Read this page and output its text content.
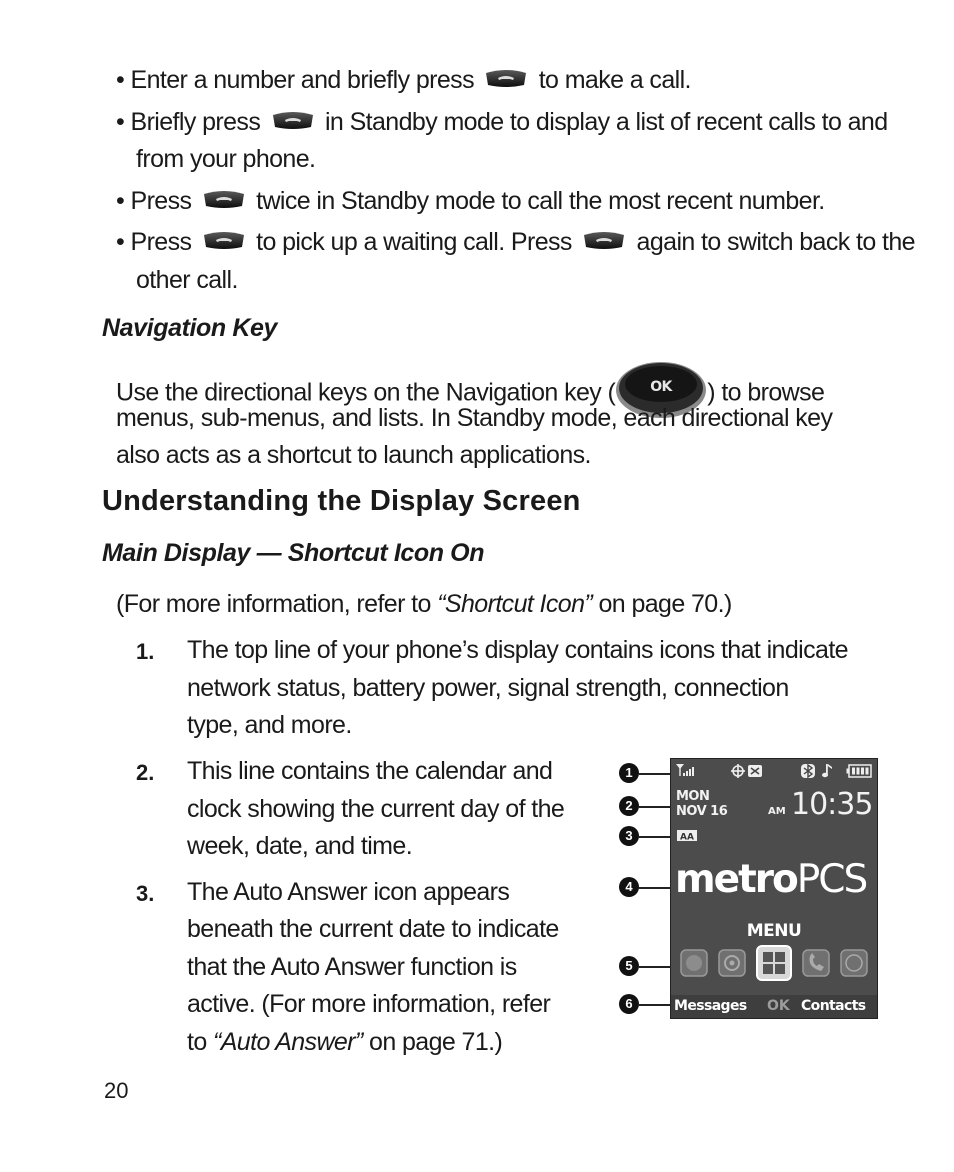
• Enter a number and briefly press	to make a call.
• Briefly press	in Standby mode to display a list of recent calls to and
from your phone.
• Press	twice in Standby mode to call the most recent number.
• Press	to pick up a waiting call. Press	again to switch back to the
other call.
Navigation Key
Use the directional keys on the Navigation key (	OK ) to browse
menus, sub-menus, and lists. In Standby mode, each directional key
also acts as a shortcut to launch applications.
Understanding the Display Screen
Main Display — Shortcut Icon On
(For more information, refer to “Shortcut Icon” on page 70.)
1. The top line of your phone’s display contains icons that indicate
network status, battery power, signal strength, connection
type, and more.
2. This line contains the calendar and
clock showing the current day of the
week, date, and time.
3. The Auto Answer icon appears
beneath the current date to indicate
that the Auto Answer function is
active. (For more information, refer
to “Auto Answer” on page 71.)
1
2
3
4
5
6
AA
MON
NOV 16	AM 10:35
metroPCS
MENU
Messages OK Contacts
20
